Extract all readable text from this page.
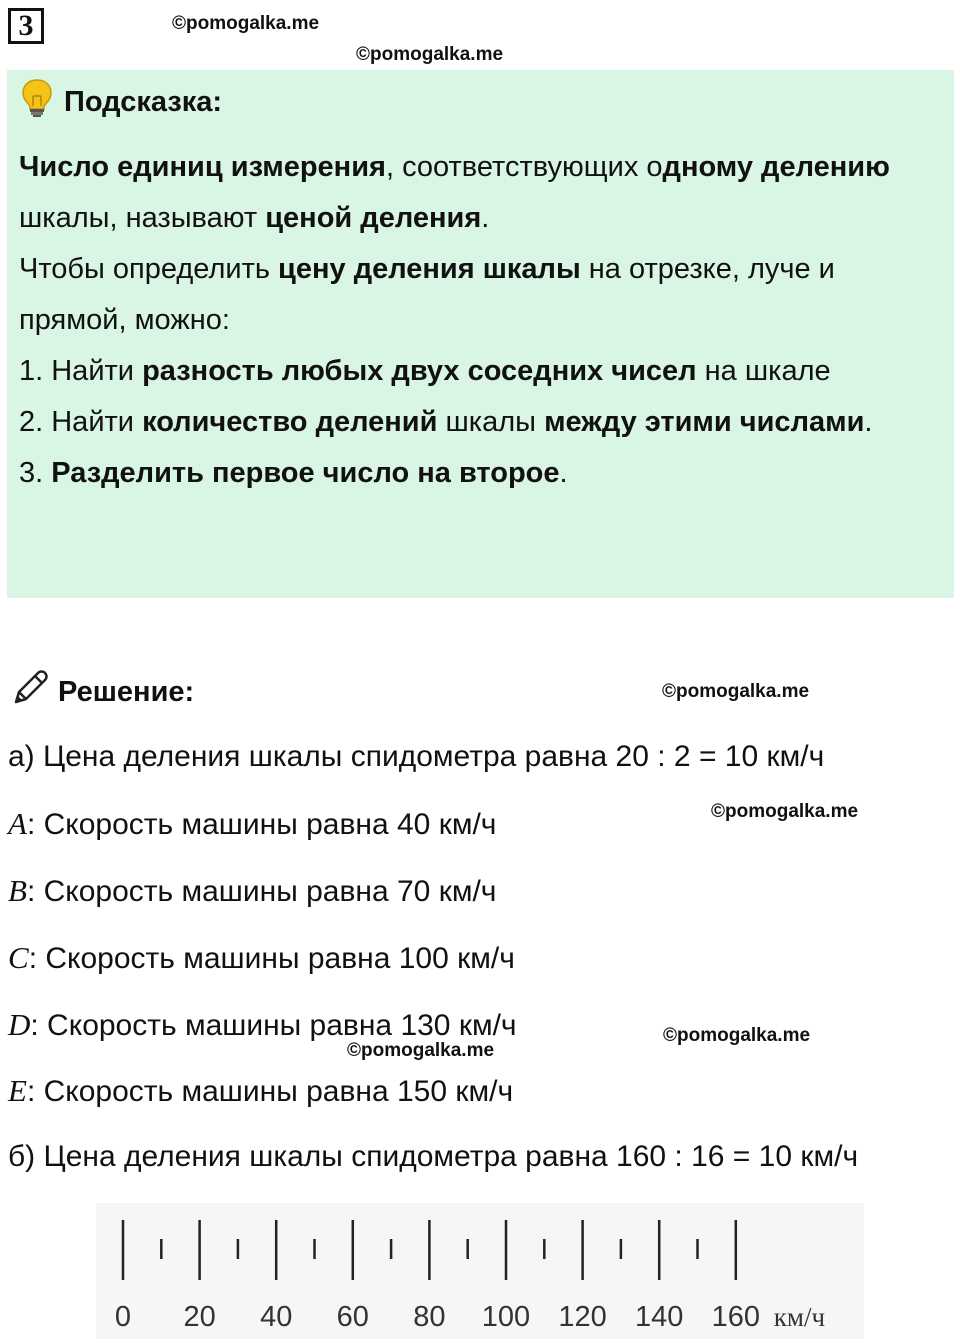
3	©pomogalka.me
©pomogalka.me
Подсказка:

Число единиц измерения, соответствующих одному делению шкалы, называют ценой деления.

Чтобы определить цену деления шкалы на отрезке, луче и прямой, можно:

1. Найти разность любых двух соседних чисел на шкале

2. Найти количество делений шкалы между этими числами.

3. Разделить первое число на второе.

Решение:	©pomogalka.me
а) Цена деления шкалы спидометра равна 20 : 2 = 10 км/ч
A: Скорость машины равна 40 км/ч	©pomogalka.me
B: Скорость машины равна 70 км/ч
C: Скорость машины равна 100 км/ч
D: Скорость машины равна 130 км/ч	©pomogalka.me
©pomogalka.me
E: Скорость машины равна 150 км/ч
б) Цена деления шкалы спидометра равна 160 : 16 = 10 км/ч
0 20 40 60 80 100 120 140 160 км/ч
